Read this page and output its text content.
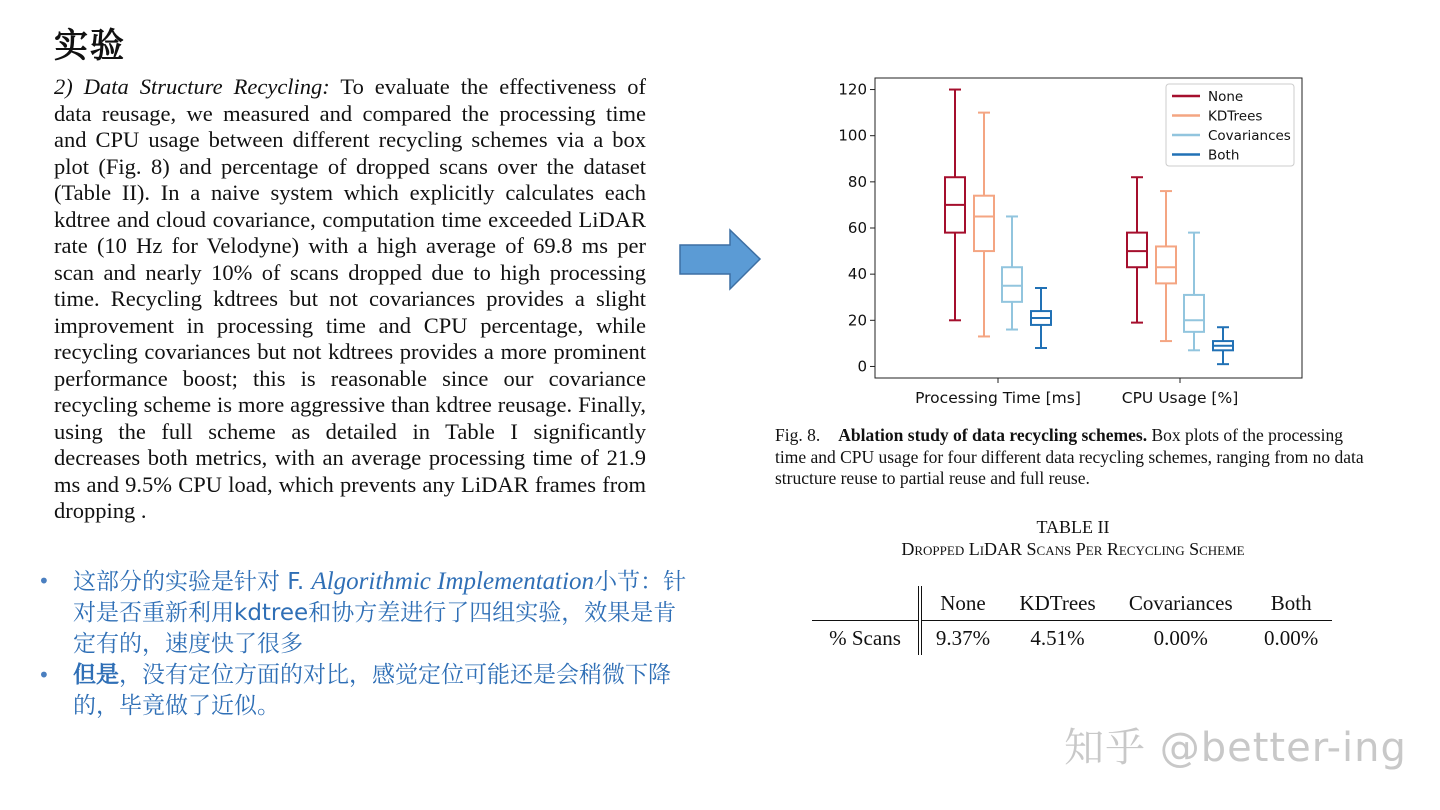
实验
2) Data Structure Recycling: To evaluate the effectiveness of data reusage, we measured and compared the processing time and CPU usage between different recycling schemes via a box plot (Fig. 8) and percentage of dropped scans over the dataset (Table II). In a naive system which explicitly calculates each kdtree and cloud covariance, computation time exceeded LiDAR rate (10 Hz for Velodyne) with a high average of 69.8 ms per scan and nearly 10% of scans dropped due to high processing time. Recycling kdtrees but not covariances provides a slight improvement in processing time and CPU percentage, while recycling covariances but not kdtrees provides a more prominent performance boost; this is reasonable since our covariance recycling scheme is more aggressive than kdtree reusage. Finally, using the full scheme as detailed in Table I significantly decreases both metrics, with an average processing time of 21.9 ms and 9.5% CPU load, which prevents any LiDAR frames from dropping .
• 这部分的实验是针对 F. Algorithmic Implementation小节：针对是否重新利用kdtree和协方差进行了四组实验，效果是肯定有的，速度快了很多
• 但是，没有定位方面的对比，感觉定位可能还是会稍微下降的，毕竟做了近似。
0
20
40
60
80
100
120
Processing Time [ms]	CPU Usage [%]
None
KDTrees
Covariances
Both
Fig. 8. Ablation study of data recycling schemes. Box plots of the processing time and CPU usage for four different data recycling schemes, ranging from no data structure reuse to partial reuse and full reuse.
TABLE II
Dropped LiDAR Scans Per Recycling Scheme
	None	KDTrees	Covariances	Both
% Scans	9.37%	4.51%	0.00%	0.00%
知乎 @better-ing
